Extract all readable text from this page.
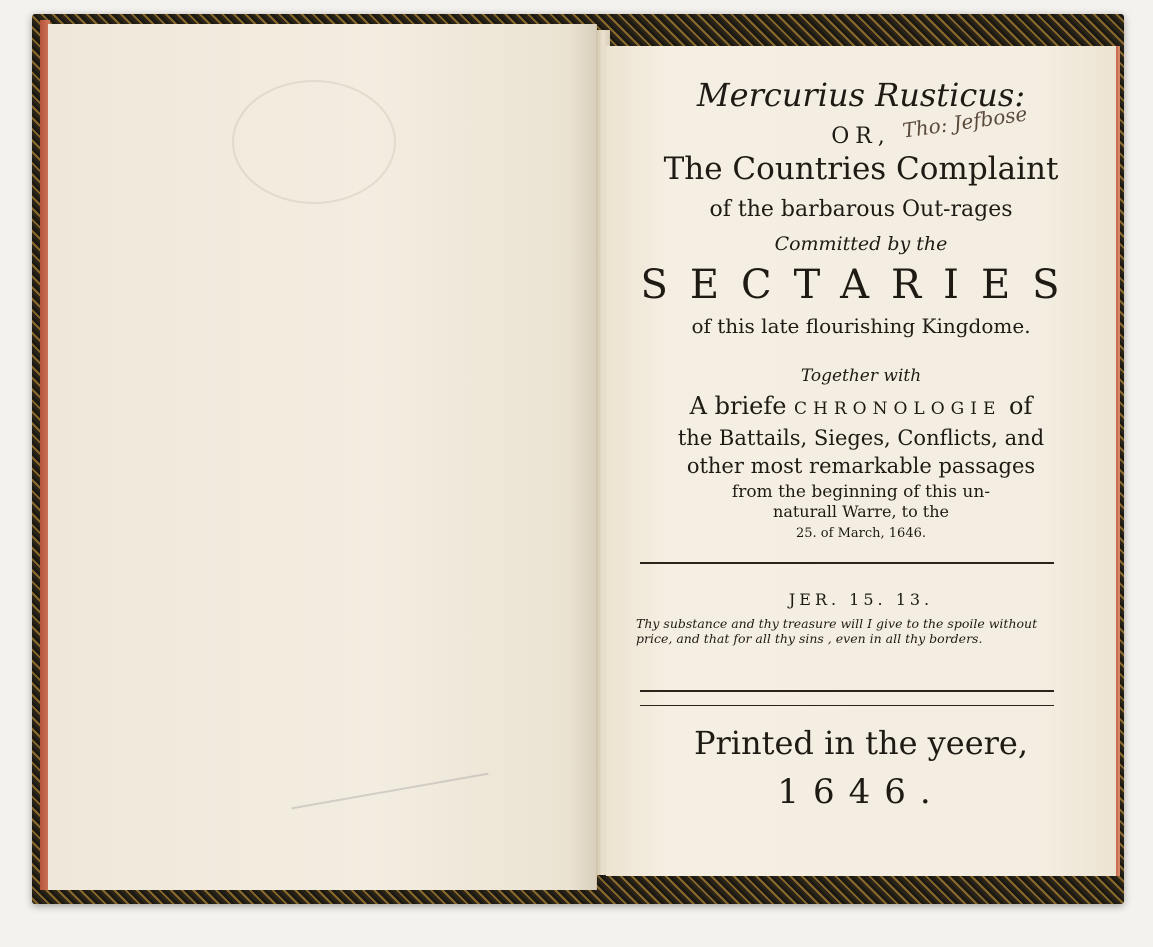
Mercurius Rusticus:
OR, Tho: Jefbose
The Countries Complaint
of the barbarous Out-rages
Committed by the
SECTARIES
of this late flourishing Kingdome.
Together with
A briefe CHRONOLOGIE of
the Battails, Sieges, Conflicts, and
other most remarkable passages
from the beginning of this un-
naturall Warre, to the
25. of March, 1646.
JER. 15. 13.
Thy substance and thy treasure will I give to the spoile without price, and that for all thy sins , even in all thy borders.
Printed in the yeere,
1646.
